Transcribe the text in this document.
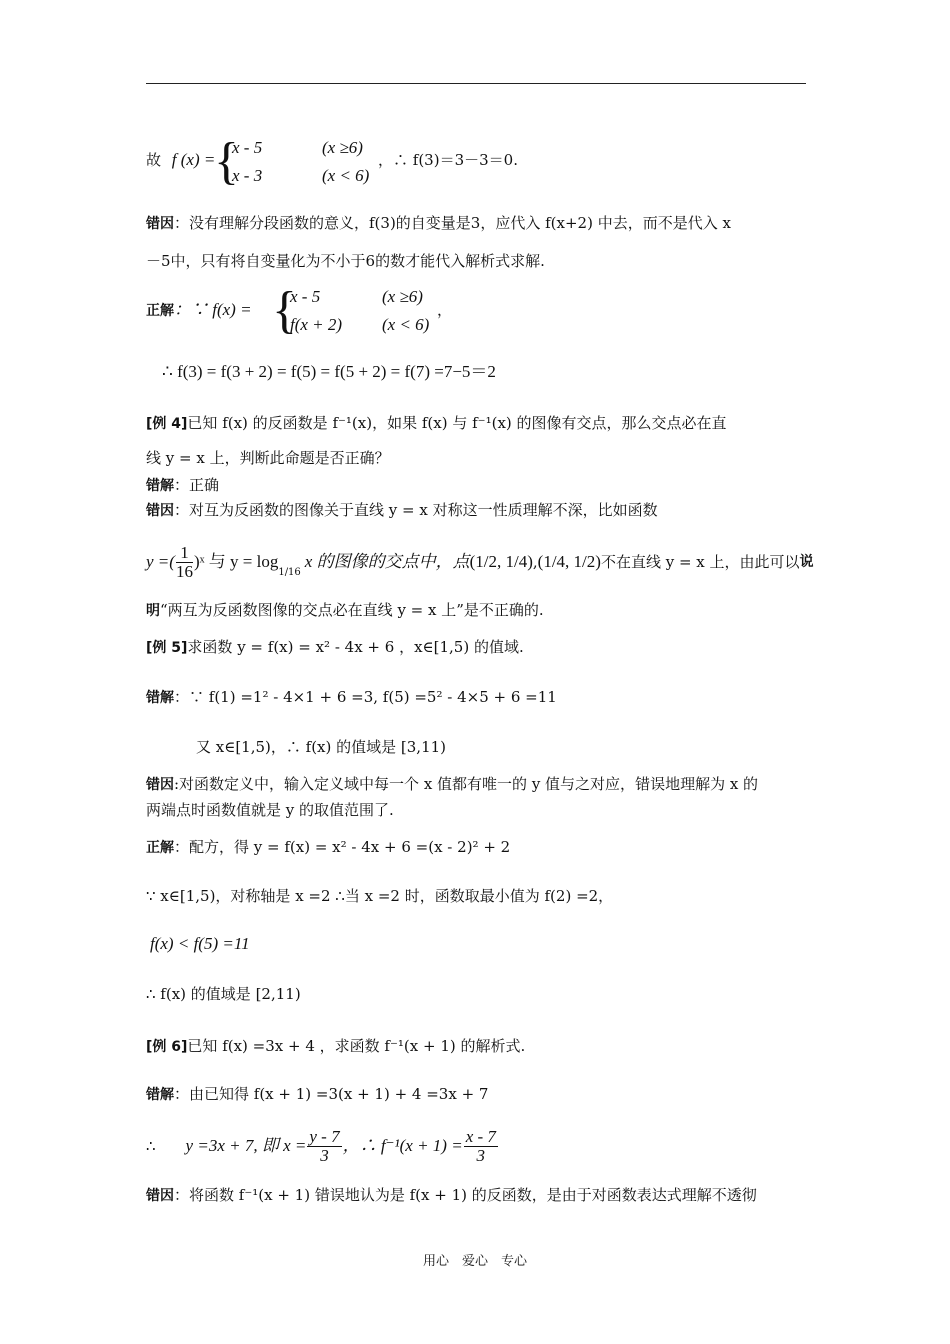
故 f (x) =
{
x - 5
x - 3
(x ≥6)
(x < 6)
，∴ f(3)＝3－3＝0.
错因：没有理解分段函数的意义，f(3)的自变量是3，应代入 f(x+2) 中去，而不是代入 x
－5中，只有将自变量化为不小于6的数才能代入解析式求解.
正解：∵ f(x) = {
x - 5
f(x + 2)
(x ≥6)
(x < 6)
，
∴ f(3) = f(3 + 2) = f(5) = f(5 + 2) = f(7) =7−5＝2
[例 4]已知 f(x) 的反函数是 f⁻¹(x)，如果 f(x) 与 f⁻¹(x) 的图像有交点，那么交点必在直
线 y = x 上，判断此命题是否正确？
错解：正确
错因：对互为反函数的图像关于直线 y = x 对称这一性质理解不深，比如函数
y =( $\frac{1}{16}$ )ˣ 与 y = log
$_{1/16}$
x 的图像的交点中，点 (1/2, 1/4) , (1/4, 1/2) 不在直线 y = x 上，由此可以 说
明“两互为反函数图像的交点必在直线 y = x 上”是不正确的.
[例 5]求函数 y = f(x) = x² - 4x + 6 ，x∈[1,5) 的值域.
错解：∵ f(1) =1² - 4×1 + 6 =3, f(5) =5² - 4×5 + 6 =11
又 x∈[1,5)，∴ f(x) 的值域是 [3,11)
错因:对函数定义中，输入定义域中每一个 x 值都有唯一的 y 值与之对应，错误地理解为 x 的
两端点时函数值就是 y 的取值范围了.
正解：配方，得 y = f(x) = x² - 4x + 6 =(x - 2)² + 2
∵ x∈[1,5)，对称轴是 x =2 ∴当 x =2 时，函数取最小值为 f(2) =2，
f(x) < f(5) =11
∴ f(x) 的值域是 [2,11)
[例 6]已知 f(x) =3x + 4 ，求函数 f⁻¹(x + 1) 的解析式.
错解：由已知得 f(x + 1) =3(x + 1) + 4 =3x + 7
∴ y =3x + 7, 即 $x = \frac{y - 7}{3}$ ，∴ $f^{-1}(x + 1) = \frac{x - 7}{3}$
错因：将函数 f⁻¹(x + 1) 错误地认为是 f(x + 1) 的反函数，是由于对函数表达式理解不透彻
用心　爱心　专心
